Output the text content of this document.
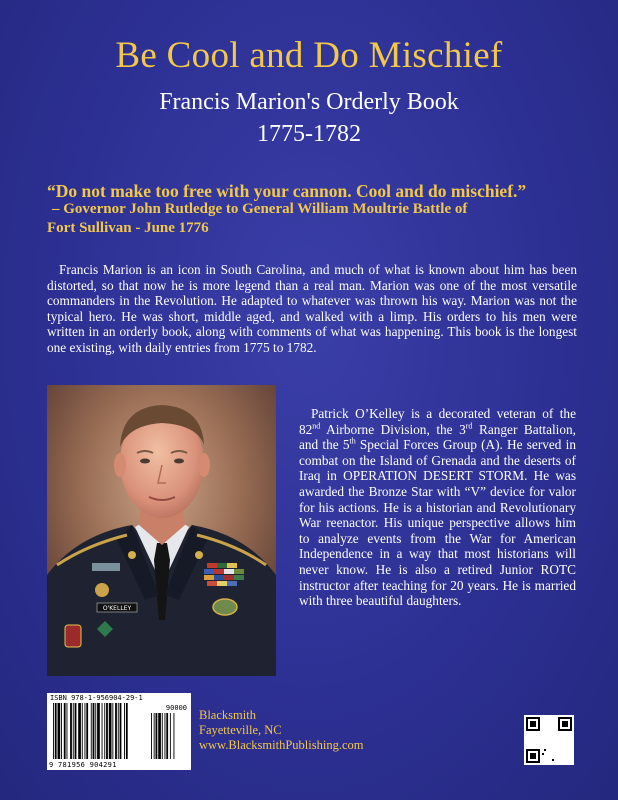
Be Cool and Do Mischief
Francis Marion's Orderly Book
1775-1782
“Do not make too free with your cannon. Cool and do mischief.”
– Governor John Rutledge to General William Moultrie Battle of
Fort Sullivan - June 1776
Francis Marion is an icon in South Carolina, and much of what is known about him has been distorted, so that now he is more legend than a real man. Marion was one of the most versatile commanders in the Revolution. He adapted to whatever was thrown his way. Marion was not the typical hero. He was short, middle aged, and walked with a limp. His orders to his men were written in an orderly book, along with comments of what was happening. This book is the longest one existing, with daily entries from 1775 to 1782.
O'KELLEY
Patrick O’Kelley is a decorated veteran of the 82nd Airborne Division, the 3rd Ranger Battalion, and the 5th Special Forces Group (A). He served in combat on the Island of Grenada and the deserts of Iraq in OPERATION DESERT STORM. He was awarded the Bronze Star with “V” device for valor for his actions. He is a historian and Revolutionary War reenactor. His unique perspective allows him to analyze events from the War for American Independence in a way that most historians will never know. He is also a retired Junior ROTC instructor after teaching for 20 years. He is married with three beautiful daughters.
ISBN 978-1-956904-29-1
90000
9 781956 904291
Blacksmith
Fayetteville, NC
www.BlacksmithPublishing.com
